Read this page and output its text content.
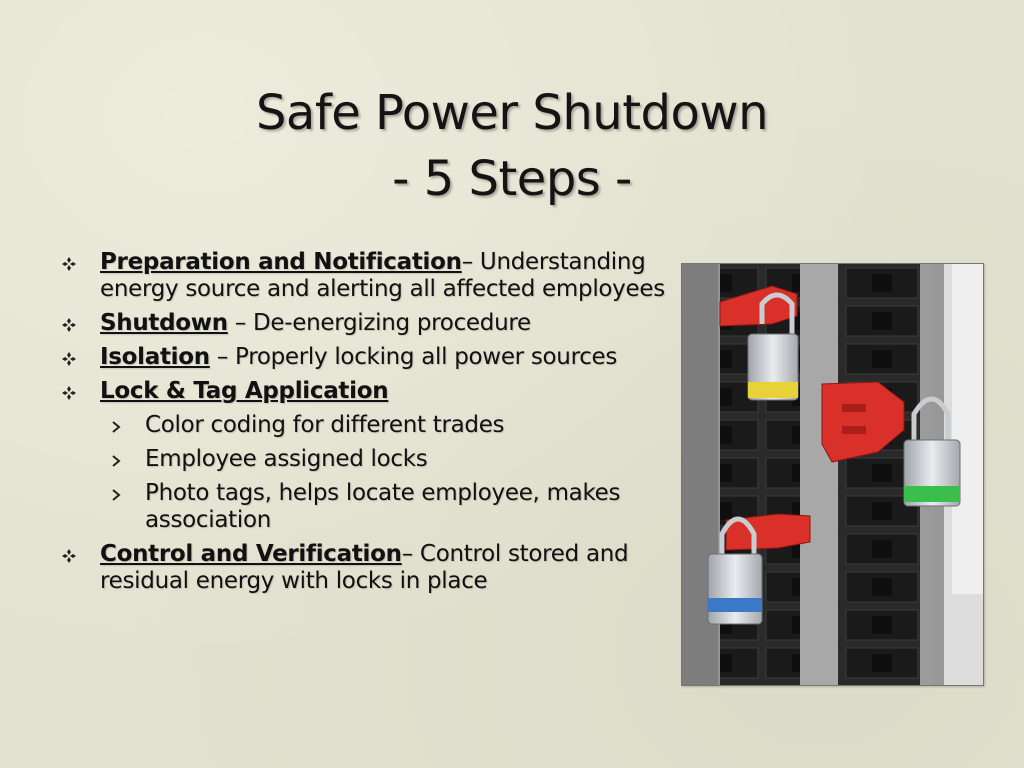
Safe Power Shutdown
- 5 Steps -
Preparation and Notification– Understanding energy source and alerting all affected employees
Shutdown – De-energizing procedure
Isolation – Properly locking all power sources
Lock & Tag Application
Color coding for different trades
Employee assigned locks
Photo tags, helps locate employee, makes association
Control and Verification– Control stored and residual energy with locks in place
